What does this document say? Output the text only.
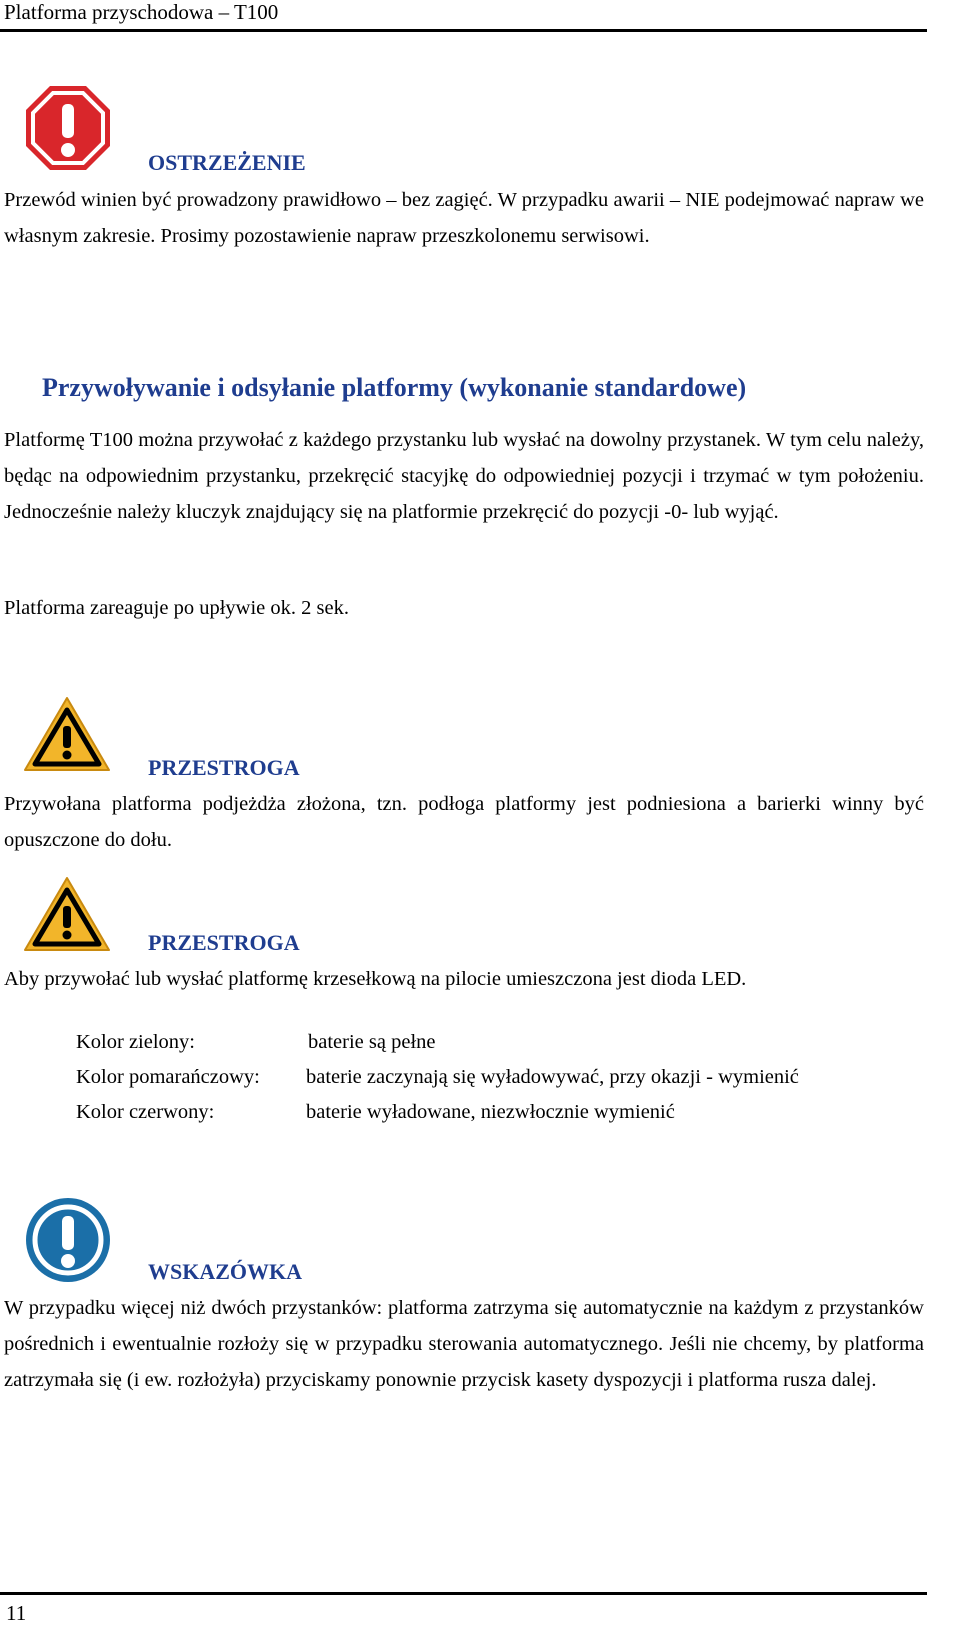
Platforma przyschodowa – T100
OSTRZEŻENIE

Przewód winien być prowadzony prawidłowo – bez zagięć. W przypadku awarii – NIE podejmować napraw we własnym zakresie. Prosimy pozostawienie napraw przeszkolonemu serwisowi.

Przywoływanie i odsyłanie platformy (wykonanie standardowe)

Platformę T100 można przywołać z każdego przystanku lub wysłać na dowolny przystanek. W tym celu należy, będąc na odpowiednim przystanku, przekręcić stacyjkę do odpowiedniej pozycji i trzymać w tym położeniu. Jednocześnie należy kluczyk znajdujący się na platformie przekręcić do pozycji -0- lub wyjąć.

Platforma zareaguje po upływie ok. 2 sek.

PRZESTROGA

Przywołana platforma podjeżdża złożona, tzn. podłoga platformy jest podniesiona a barierki winny być opuszczone do dołu.

PRZESTROGA

Aby przywołać lub wysłać platformę krzesełkową na pilocie umieszczona jest dioda LED.

Kolor zielony:	baterie są pełne
Kolor pomarańczowy: baterie zaczynają się wyładowywać, przy okazji - wymienić
Kolor czerwony:	baterie wyładowane, niezwłocznie wymienić
WSKAZÓWKA

W przypadku więcej niż dwóch przystanków: platforma zatrzyma się automatycznie na każdym z przystanków pośrednich i ewentualnie rozłoży się w przypadku sterowania automatycznego. Jeśli nie chcemy, by platforma zatrzymała się (i ew. rozłożyła) przyciskamy ponownie przycisk kasety dyspozycji i platforma rusza dalej.

11
